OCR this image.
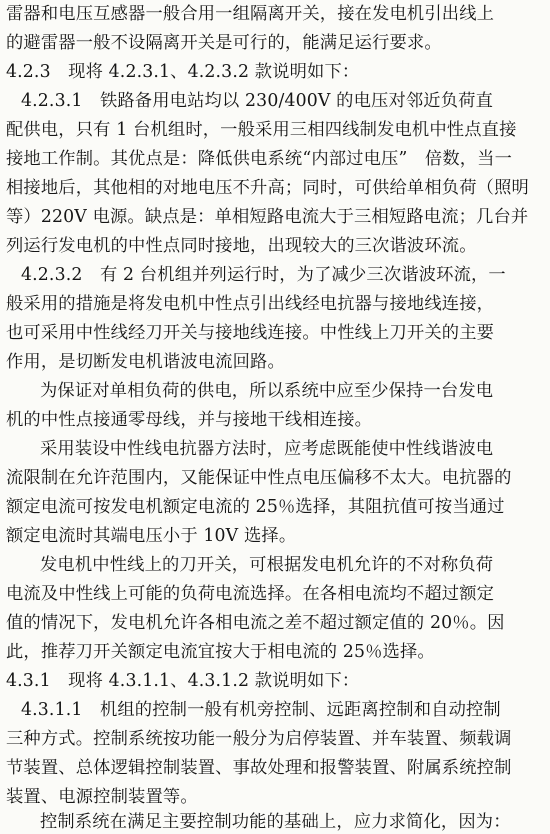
雷器和电压互感器一般合用一组隔离开关，接在发电机引出线上
的避雷器一般不设隔离开关是可行的，能满足运行要求。
4.2.3　现将 4.2.3.1、4.2.3.2 款说明如下：
4.2.3.1　铁路备用电站均以 230/400V 的电压对邻近负荷直
配供电，只有 1 台机组时，一般采用三相四线制发电机中性点直接
接地工作制。其优点是：降低供电系统“内部过电压”　倍数，当一
相接地后，其他相的对地电压不升高；同时，可供给单相负荷（照明
等）220V 电源。缺点是：单相短路电流大于三相短路电流；几台并
列运行发电机的中性点同时接地，出现较大的三次谐波环流。
4.2.3.2　有 2 台机组并列运行时，为了减少三次谐波环流，一
般采用的措施是将发电机中性点引出线经电抗器与接地线连接，
也可采用中性线经刀开关与接地线连接。中性线上刀开关的主要
作用，是切断发电机谐波电流回路。
为保证对单相负荷的供电，所以系统中应至少保持一台发电
机的中性点接通零母线，并与接地干线相连接。
采用装设中性线电抗器方法时，应考虑既能使中性线谐波电
流限制在允许范围内，又能保证中性点电压偏移不太大。电抗器的
额定电流可按发电机额定电流的 25％选择，其阻抗值可按当通过
额定电流时其端电压小于 10V 选择。
发电机中性线上的刀开关，可根据发电机允许的不对称负荷
电流及中性线上可能的负荷电流选择。在各相电流均不超过额定
值的情况下，发电机允许各相电流之差不超过额定值的 20％。因
此，推荐刀开关额定电流宜按大于相电流的 25％选择。
4.3.1　现将 4.3.1.1、4.3.1.2 款说明如下：
4.3.1.1　机组的控制一般有机旁控制、远距离控制和自动控制
三种方式。控制系统按功能一般分为启停装置、并车装置、频载调
节装置、总体逻辑控制装置、事故处理和报警装置、附属系统控制
装置、电源控制装置等。
控制系统在满足主要控制功能的基础上，应力求简化，因为：
